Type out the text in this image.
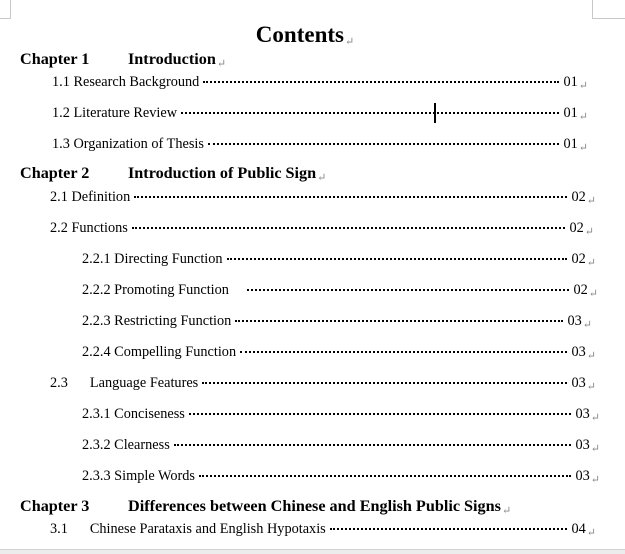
Contents↵
Chapter 1 Introduction↵
1.1 Research Background	$01_↵$
1.2 Literature Review	$01_↵$
1.3 Organization of Thesis	$01_↵$
Chapter 2 Introduction of Public Sign↵
2.1 Definition	$02_↵$
2.2 Functions	$02_↵$
2.2.1 Directing Function	$02_↵$
2.2.2 Promoting Function	$02_↵$
2.2.3 Restricting Function	$03_↵$
2.2.4 Compelling Function	$03_↵$
2.3 Language Features	$03_↵$
2.3.1 Conciseness	$03_↵$
2.3.2 Clearness	$03_↵$
2.3.3 Simple Words	$03_↵$
Chapter 3 Differences between Chinese and English Public Signs↵
3.1 Chinese Parataxis and English Hypotaxis	$04_↵$
